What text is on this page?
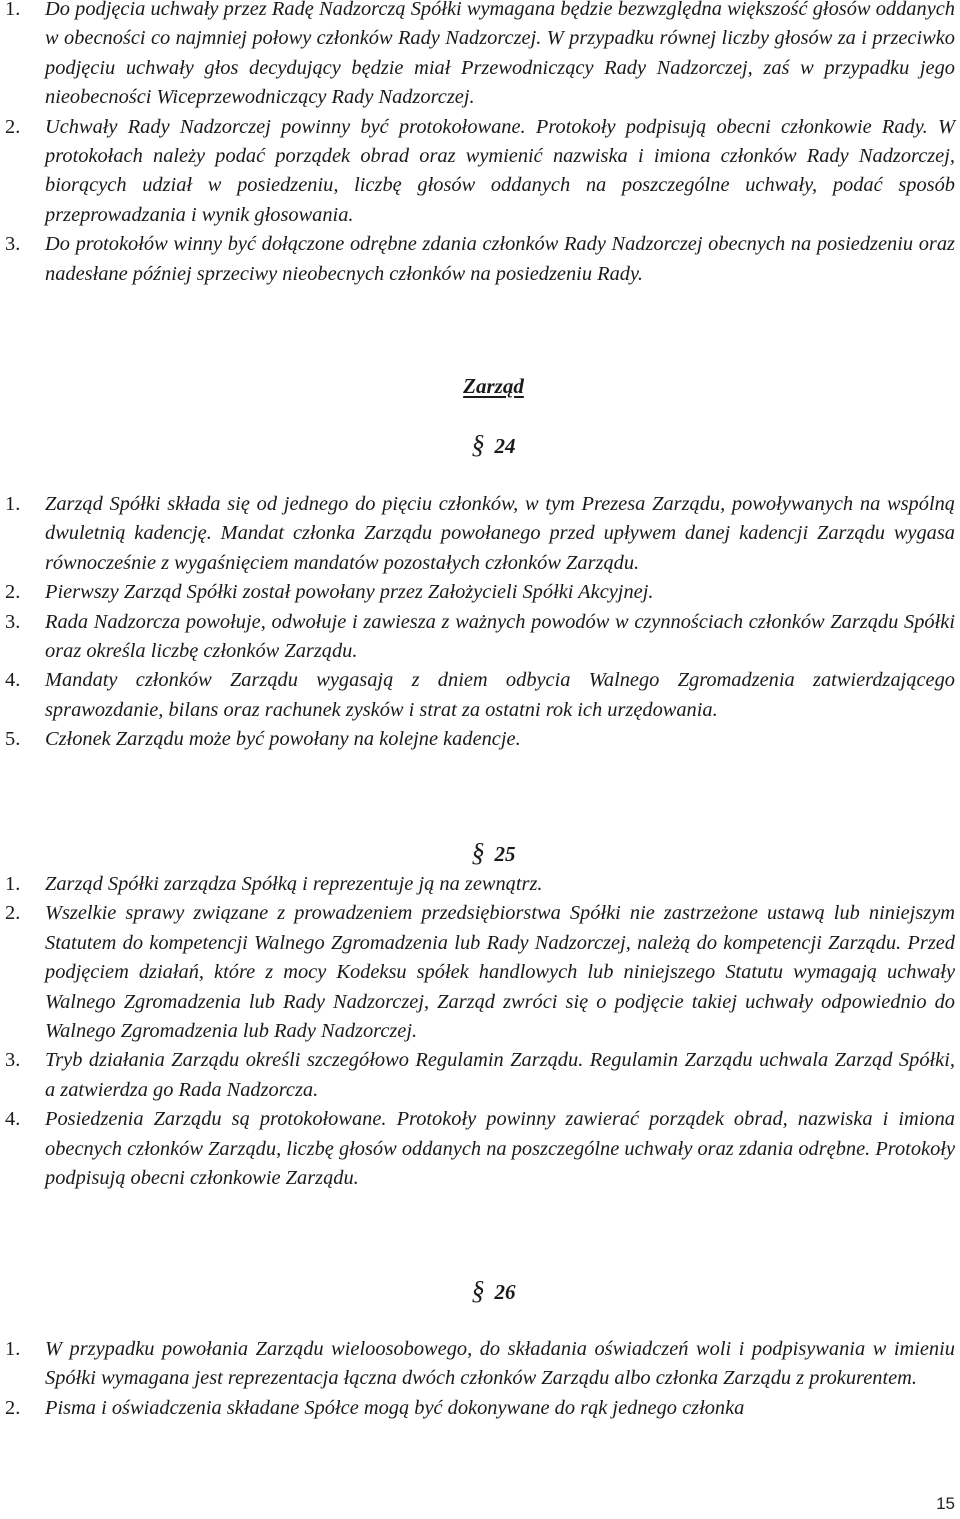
1. Do podjęcia uchwały przez Radę Nadzorczą Spółki wymagana będzie bezwzględna większość głosów oddanych w obecności co najmniej połowy członków Rady Nadzorczej. W przypadku równej liczby głosów za i przeciwko podjęciu uchwały głos decydujący będzie miał Przewodniczący Rady Nadzorczej, zaś w przypadku jego nieobecności Wiceprzewodniczący Rady Nadzorczej.
2. Uchwały Rady Nadzorczej powinny być protokołowane. Protokoły podpisują obecni członkowie Rady. W protokołach należy podać porządek obrad oraz wymienić nazwiska i imiona członków Rady Nadzorczej, biorących udział w posiedzeniu, liczbę głosów oddanych na poszczególne uchwały, podać sposób przeprowadzania i wynik głosowania.
3. Do protokołów winny być dołączone odrębne zdania członków Rady Nadzorczej obecnych na posiedzeniu oraz nadesłane później sprzeciwy nieobecnych członków na posiedzeniu Rady.
Zarząd
§ 24
1. Zarząd Spółki składa się od jednego do pięciu członków, w tym Prezesa Zarządu, powoływanych na wspólną dwuletnią kadencję. Mandat członka Zarządu powołanego przed upływem danej kadencji Zarządu wygasa równocześnie z wygaśnięciem mandatów pozostałych członków Zarządu.
2. Pierwszy Zarząd Spółki został powołany przez Założycieli Spółki Akcyjnej.
3. Rada Nadzorcza powołuje, odwołuje i zawiesza z ważnych powodów w czynnościach członków Zarządu Spółki oraz określa liczbę członków Zarządu.
4. Mandaty członków Zarządu wygasają z dniem odbycia Walnego Zgromadzenia zatwierdzającego sprawozdanie, bilans oraz rachunek zysków i strat za ostatni rok ich urzędowania.
5. Członek Zarządu może być powołany na kolejne kadencje.
§ 25
1. Zarząd Spółki zarządza Spółką i reprezentuje ją na zewnątrz.
2. Wszelkie sprawy związane z prowadzeniem przedsiębiorstwa Spółki nie zastrzeżone ustawą lub niniejszym Statutem do kompetencji Walnego Zgromadzenia lub Rady Nadzorczej, należą do kompetencji Zarządu. Przed podjęciem działań, które z mocy Kodeksu spółek handlowych lub niniejszego Statutu wymagają uchwały Walnego Zgromadzenia lub Rady Nadzorczej, Zarząd zwróci się o podjęcie takiej uchwały odpowiednio do Walnego Zgromadzenia lub Rady Nadzorczej.
3. Tryb działania Zarządu określi szczegółowo Regulamin Zarządu. Regulamin Zarządu uchwala Zarząd Spółki, a zatwierdza go Rada Nadzorcza.
4. Posiedzenia Zarządu są protokołowane. Protokoły powinny zawierać porządek obrad, nazwiska i imiona obecnych członków Zarządu, liczbę głosów oddanych na poszczególne uchwały oraz zdania odrębne. Protokoły podpisują obecni członkowie Zarządu.
§ 26
1. W przypadku powołania Zarządu wieloosobowego, do składania oświadczeń woli i podpisywania w imieniu Spółki wymagana jest reprezentacja łączna dwóch członków Zarządu albo członka Zarządu z prokurentem.
2. Pisma i oświadczenia składane Spółce mogą być dokonywane do rąk jednego członka
15
